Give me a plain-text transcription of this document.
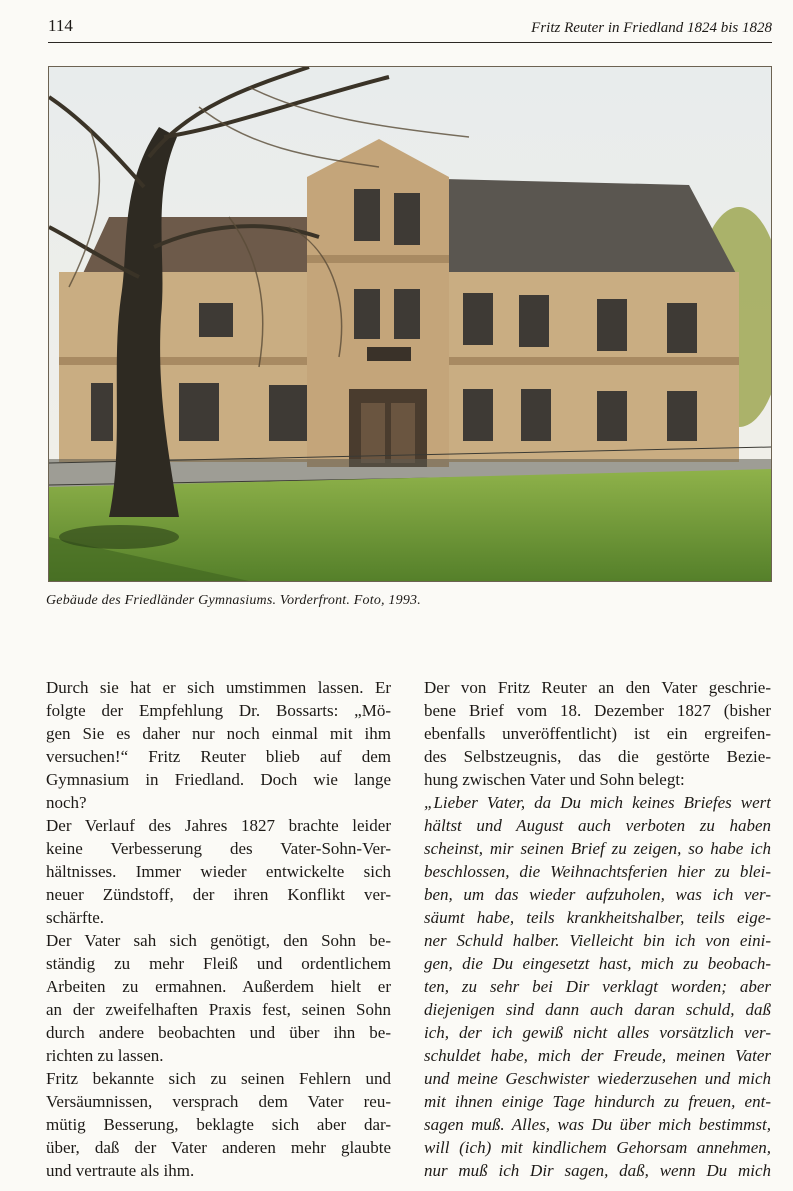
114	Fritz Reuter in Friedland 1824 bis 1828
Gebäude des Friedländer Gymnasiums. Vorderfront. Foto, 1993.
Durch sie hat er sich umstimmen lassen. Er
folgte der Empfehlung Dr. Bossarts: „Mö-
gen Sie es daher nur noch einmal mit ihm
versuchen!“ Fritz Reuter blieb auf dem
Gymnasium in Friedland. Doch wie lange
noch?
Der Verlauf des Jahres 1827 brachte leider
keine Verbesserung des Vater-Sohn-Ver-
hältnisses. Immer wieder entwickelte sich
neuer Zündstoff, der ihren Konflikt ver-
schärfte.
Der Vater sah sich genötigt, den Sohn be-
ständig zu mehr Fleiß und ordentlichem
Arbeiten zu ermahnen. Außerdem hielt er
an der zweifelhaften Praxis fest, seinen Sohn
durch andere beobachten und über ihn be-
richten zu lassen.
Fritz bekannte sich zu seinen Fehlern und
Versäumnissen, versprach dem Vater reu-
mütig Besserung, beklagte sich aber dar-
über, daß der Vater anderen mehr glaubte
und vertraute als ihm.
Der von Fritz Reuter an den Vater geschrie-
bene Brief vom 18. Dezember 1827 (bisher
ebenfalls unveröffentlicht) ist ein ergreifen-
des Selbstzeugnis, das die gestörte Bezie-
hung zwischen Vater und Sohn belegt:
„Lieber Vater, da Du mich keines Briefes wert
hältst und August auch verboten zu haben
scheinst, mir seinen Brief zu zeigen, so habe ich
beschlossen, die Weihnachtsferien hier zu blei-
ben, um das wieder aufzuholen, was ich ver-
säumt habe, teils krankheitshalber, teils eige-
ner Schuld halber. Vielleicht bin ich von eini-
gen, die Du eingesetzt hast, mich zu beobach-
ten, zu sehr bei Dir verklagt worden; aber
diejenigen sind dann auch daran schuld, daß
ich, der ich gewiß nicht alles vorsätzlich ver-
schuldet habe, mich der Freude, meinen Vater
und meine Geschwister wiederzusehen und mich
mit ihnen einige Tage hindurch zu freuen, ent-
sagen muß. Alles, was Du über mich bestimmst,
will (ich) mit kindlichem Gehorsam annehmen,
nur muß ich Dir sagen, daß, wenn Du mich
